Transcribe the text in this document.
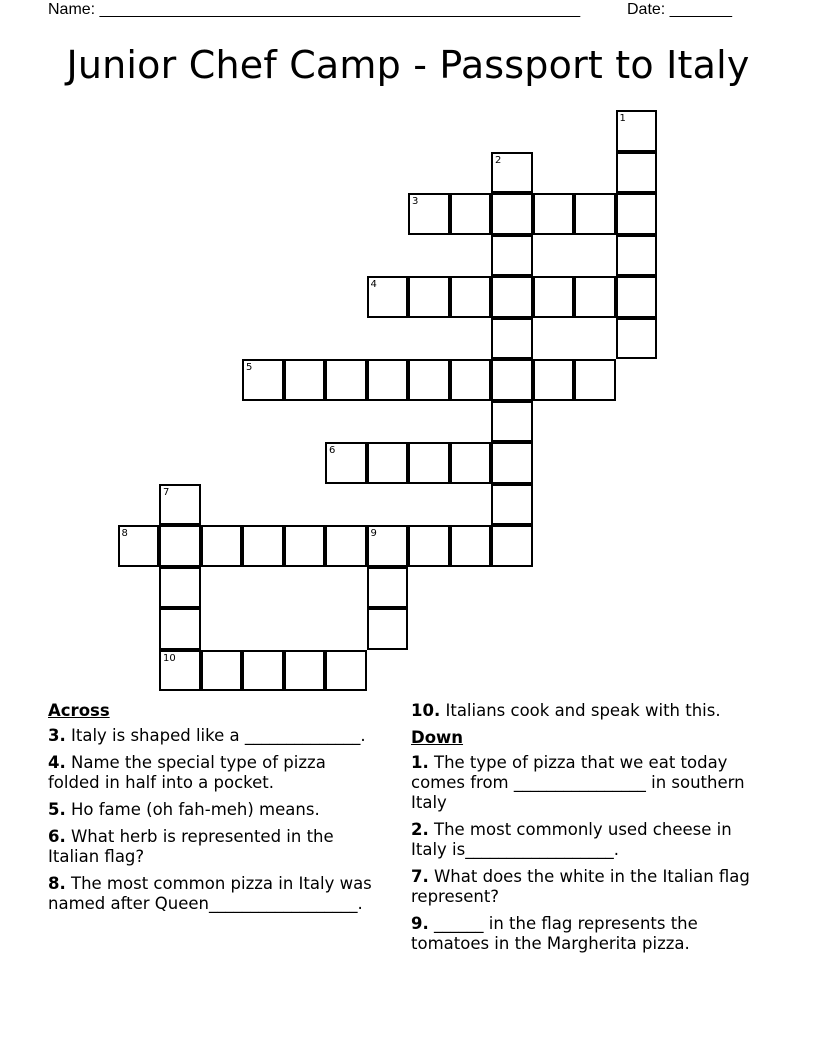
Name: ______________________________________________________	Date: _______
Junior Chef Camp - Passport to Italy
1
2
3
4
5
6
7
8	9
10
Across
3. Italy is shaped like a ______________.
4. Name the special type of pizza folded in half into a pocket.
5. Ho fame (oh fah-meh) means.
6. What herb is represented in the Italian flag?
8. The most common pizza in Italy was named after Queen__________________.
10. Italians cook and speak with this.
Down
1. The type of pizza that we eat today comes from ________________ in southern Italy
2. The most commonly used cheese in Italy is__________________.
7. What does the white in the Italian flag represent?
9. ______ in the flag represents the tomatoes in the Margherita pizza.
